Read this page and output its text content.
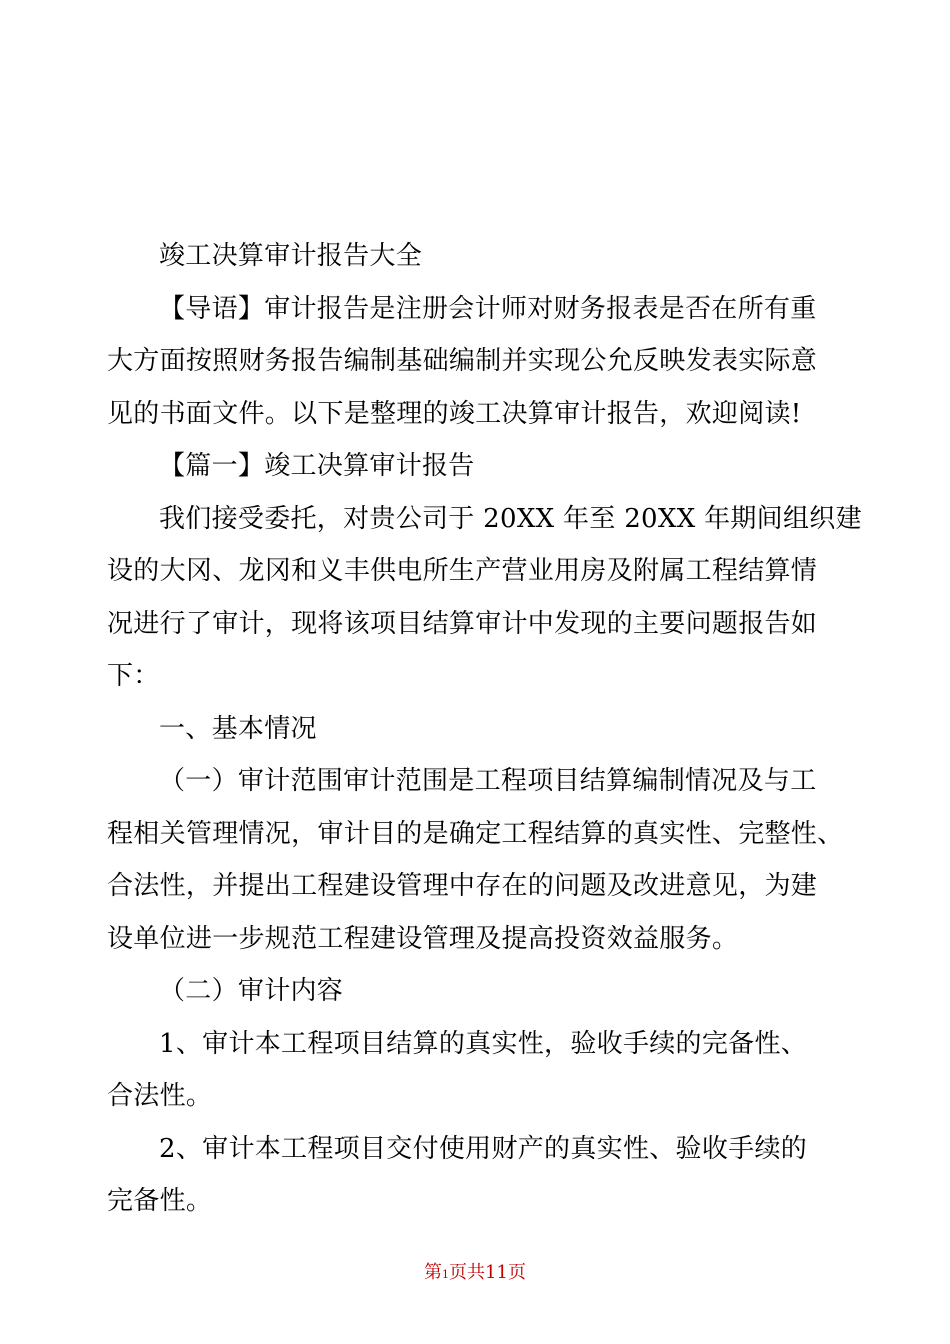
竣工决算审计报告大全
【导语】审计报告是注册会计师对财务报表是否在所有重
大方面按照财务报告编制基础编制并实现公允反映发表实际意
见的书面文件。以下是整理的竣工决算审计报告，欢迎阅读!
【篇一】竣工决算审计报告
我们接受委托，对贵公司于 20XX 年至 20XX 年期间组织建
设的大冈、龙冈和义丰供电所生产营业用房及附属工程结算情
况进行了审计，现将该项目结算审计中发现的主要问题报告如
下：
一、基本情况
（一）审计范围审计范围是工程项目结算编制情况及与工
程相关管理情况，审计目的是确定工程结算的真实性、完整性、
合法性，并提出工程建设管理中存在的问题及改进意见，为建
设单位进一步规范工程建设管理及提高投资效益服务。
（二）审计内容
1、审计本工程项目结算的真实性，验收手续的完备性、
合法性。
2、审计本工程项目交付使用财产的真实性、验收手续的
完备性。
第1页共11页
